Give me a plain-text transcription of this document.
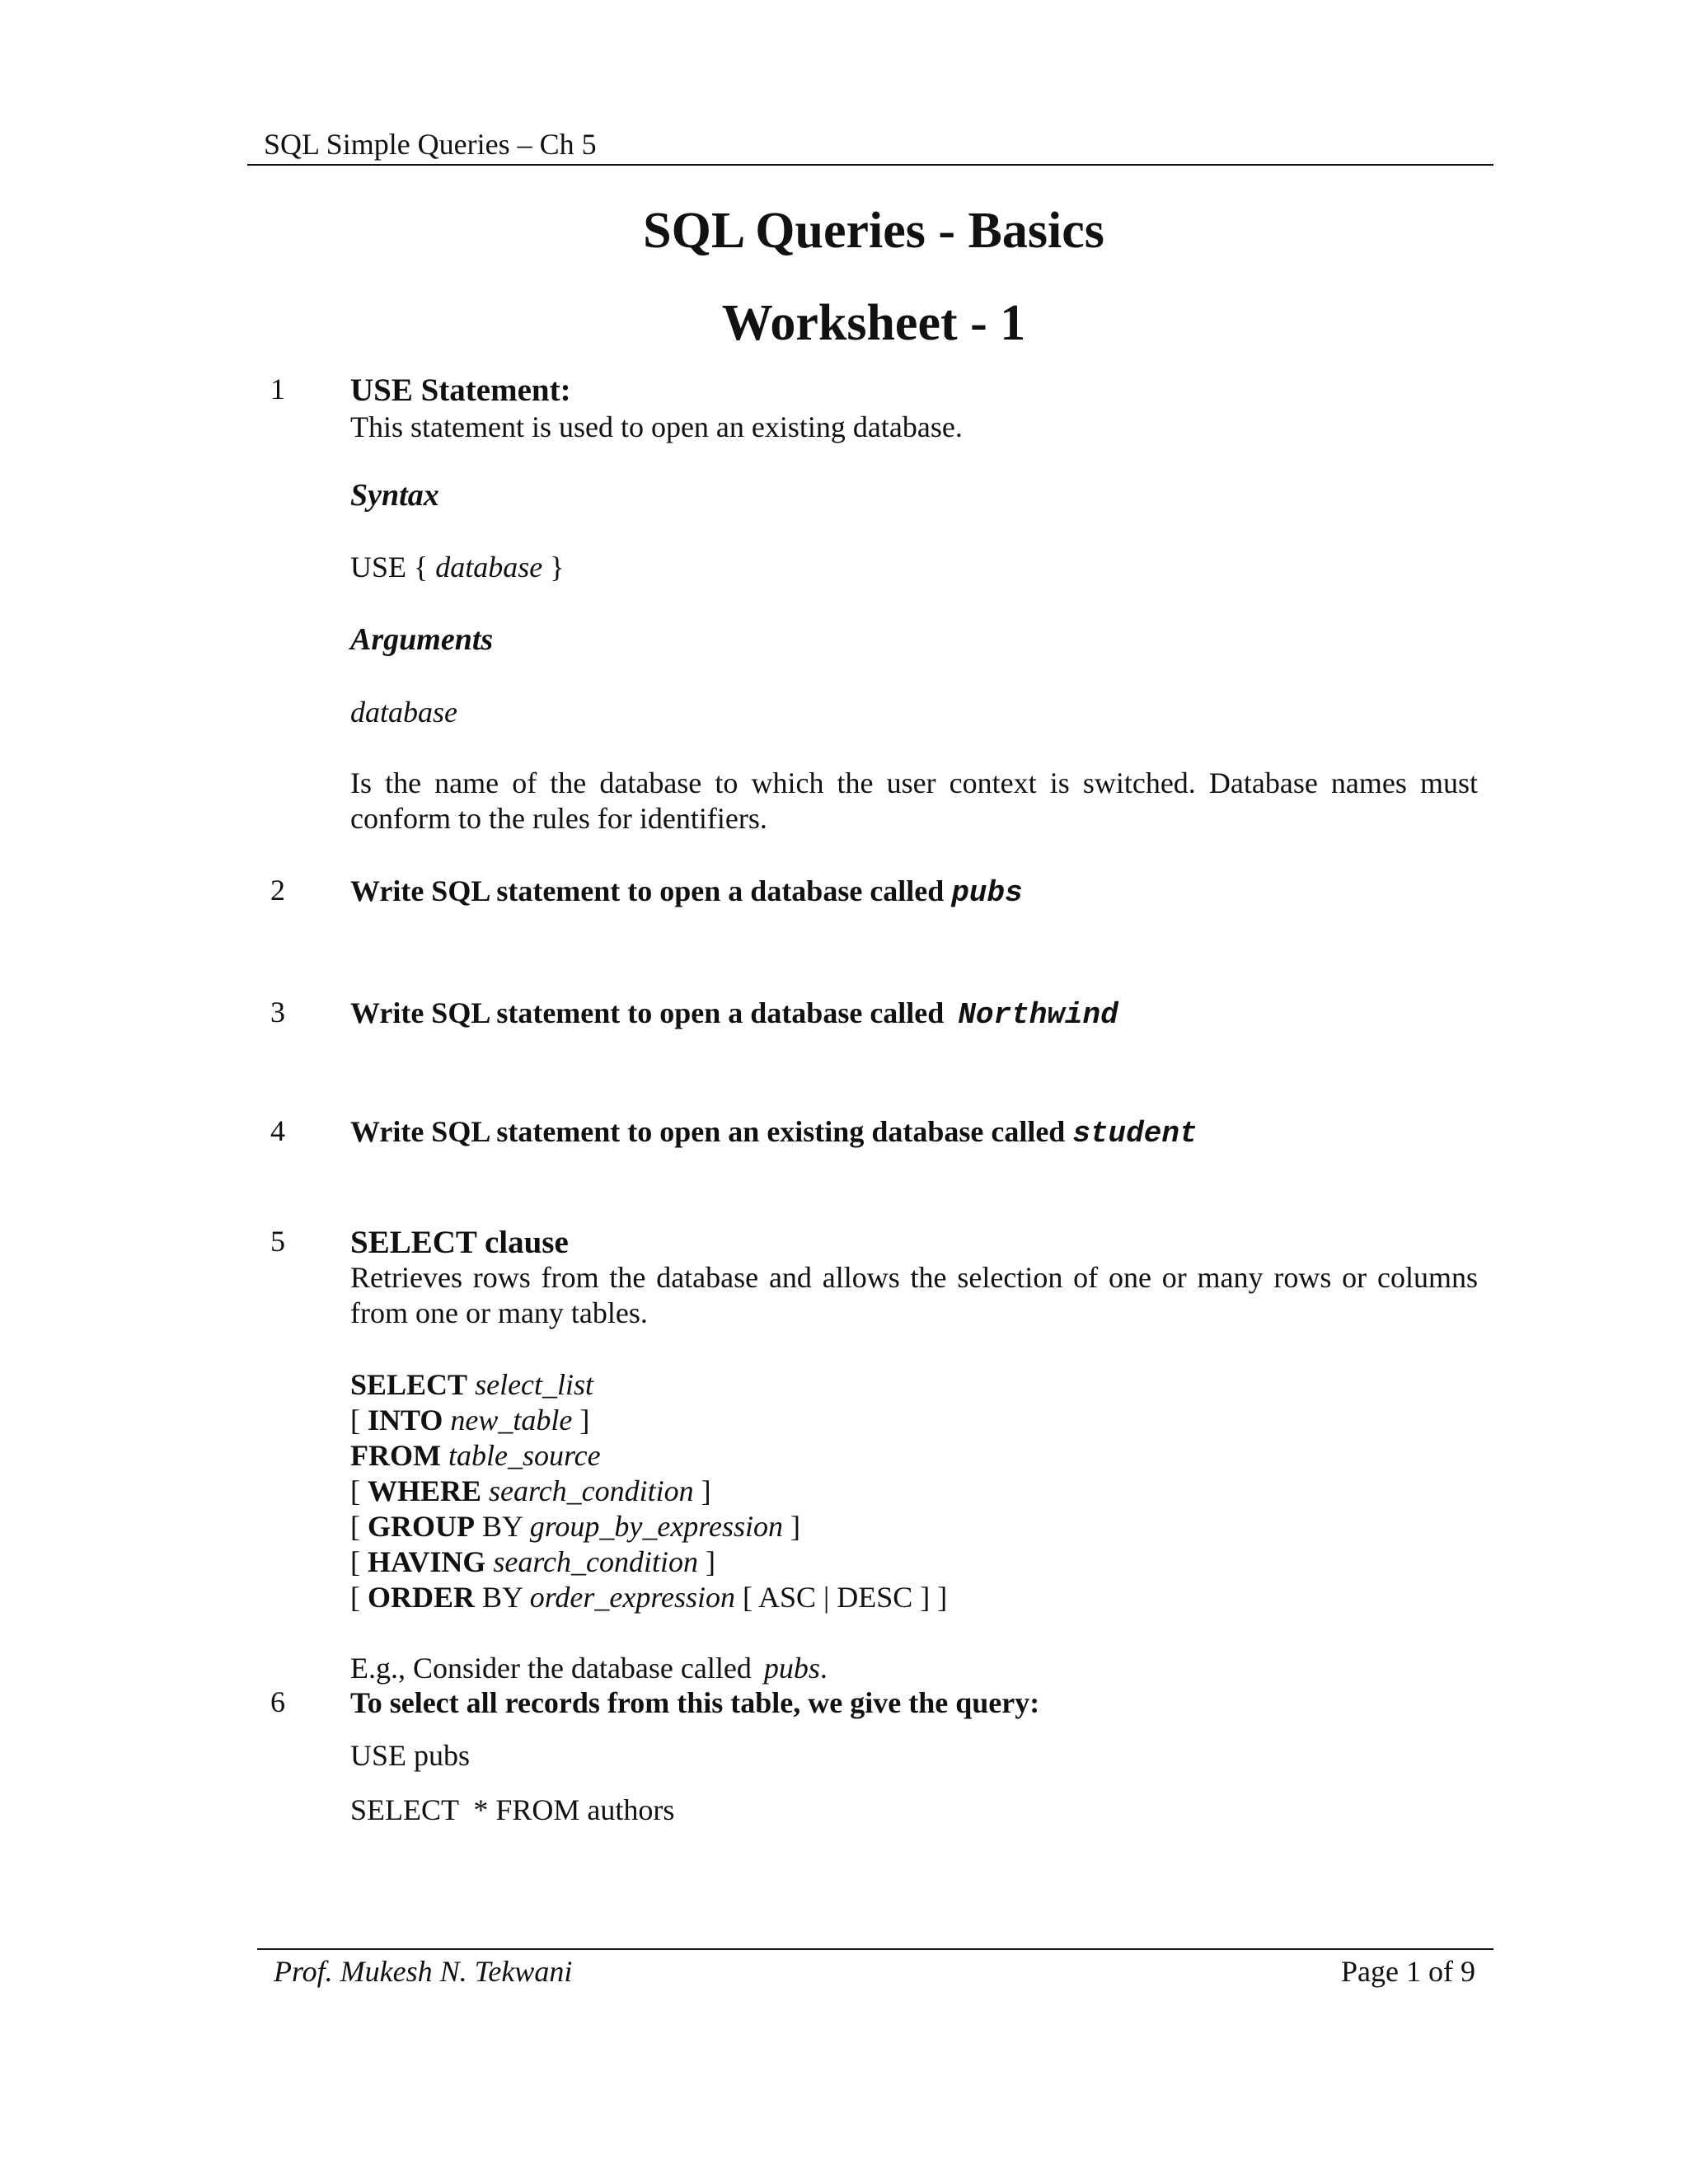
SQL Simple Queries – Ch 5
SQL Queries - Basics
Worksheet - 1
1 USE Statement:
This statement is used to open an existing database.
Syntax
USE { database }
Arguments
database
Is the name of the database to which the user context is switched. Database names must conform to the rules for identifiers.
2 Write SQL statement to open a database called pubs
3 Write SQL statement to open a database called Northwind
4 Write SQL statement to open an existing database called student
5 SELECT clause
Retrieves rows from the database and allows the selection of one or many rows or columns from one or many tables.
SELECT select_list
[ INTO new_table ]
FROM table_source
[ WHERE search_condition ]
[ GROUP BY group_by_expression ]
[ HAVING search_condition ]
[ ORDER BY order_expression [ ASC | DESC ] ]
E.g., Consider the database called pubs.
6 To select all records from this table, we give the query:
USE pubs
SELECT  * FROM authors
Prof. Mukesh N. Tekwani	Page 1 of 9
